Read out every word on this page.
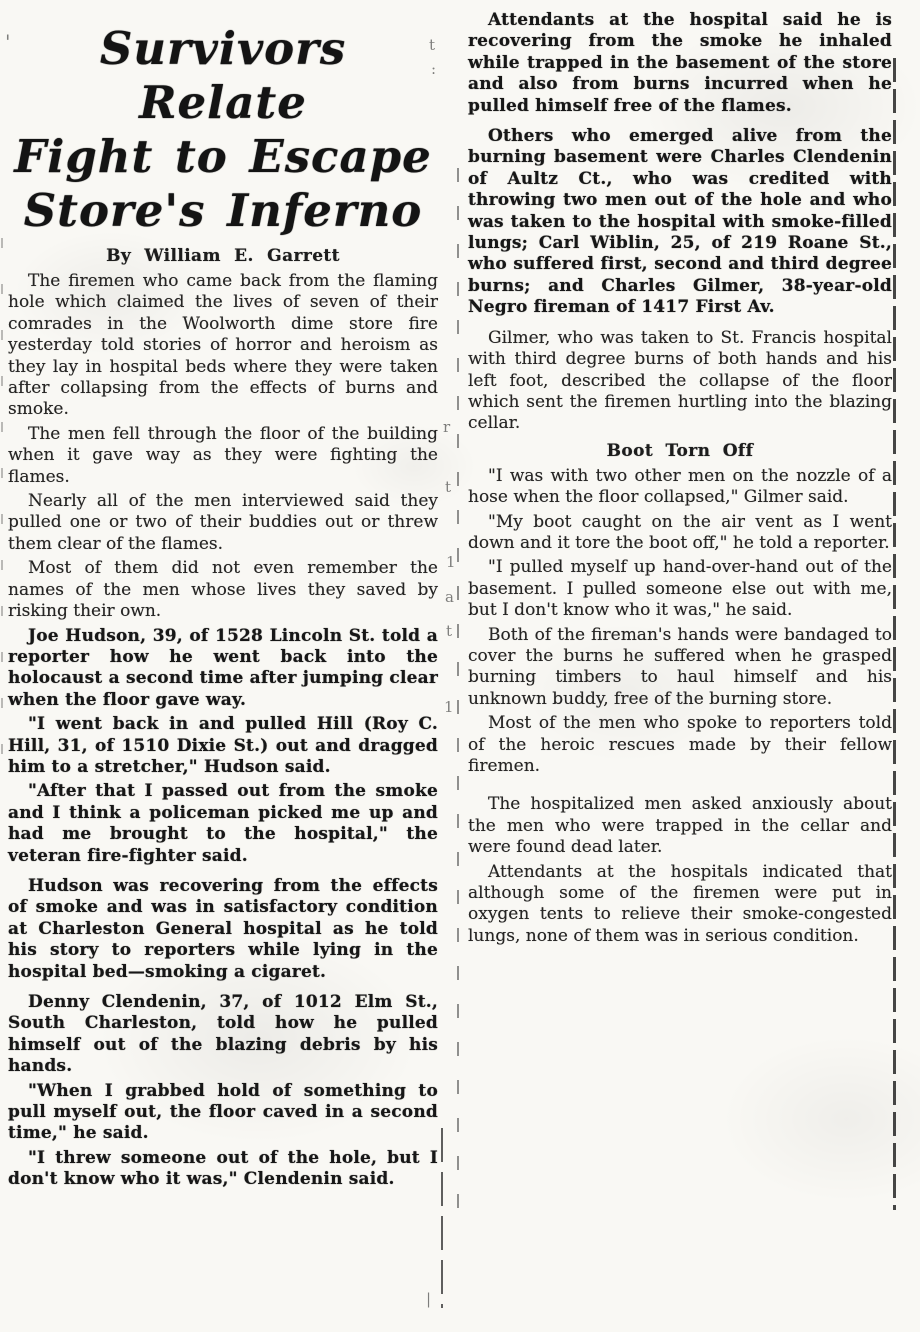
Survivors Relate
Fight to Escape
Store's Inferno
By William E. Garrett

The firemen who came back from the flaming hole which claimed the lives of seven of their comrades in the Woolworth dime store fire yesterday told stories of horror and heroism as they lay in hospital beds where they were taken after collapsing from the effects of burns and smoke.

The men fell through the floor of the building when it gave way as they were fighting the flames.

Nearly all of the men interviewed said they pulled one or two of their buddies out or threw them clear of the flames.

Most of them did not even remember the names of the men whose lives they saved by risking their own.

Joe Hudson, 39, of 1528 Lincoln St. told a reporter how he went back into the holocaust a second time after jumping clear when the floor gave way.

"I went back in and pulled Hill (Roy C. Hill, 31, of 1510 Dixie St.) out and dragged him to a stretcher," Hudson said.

"After that I passed out from the smoke and I think a policeman picked me up and had me brought to the hospital," the veteran fire-fighter said.

Hudson was recovering from the effects of smoke and was in satisfactory condition at Charleston General hospital as he told his story to reporters while lying in the hospital bed—smoking a cigaret.

Denny Clendenin, 37, of 1012 Elm St., South Charleston, told how he pulled himself out of the blazing debris by his hands.

"When I grabbed hold of something to pull myself out, the floor caved in a second time," he said.

"I threw someone out of the hole, but I don't know who it was," Clendenin said.

Attendants at the hospital said he is recovering from the smoke he inhaled while trapped in the basement of the store and also from burns incurred when he pulled himself free of the flames.

Others who emerged alive from the burning basement were Charles Clendenin of Aultz Ct., who was credited with throwing two men out of the hole and who was taken to the hospital with smoke-filled lungs; Carl Wiblin, 25, of 219 Roane St., who suffered first, second and third degree burns; and Charles Gilmer, 38-year-old Negro fireman of 1417 First Av.

Gilmer, who was taken to St. Francis hospital with third degree burns of both hands and his left foot, described the collapse of the floor which sent the firemen hurtling into the blazing cellar.

Boot Torn Off

"I was with two other men on the nozzle of a hose when the floor collapsed," Gilmer said.

"My boot caught on the air vent as I went down and it tore the boot off," he told a reporter.

"I pulled myself up hand-over-hand out of the basement. I pulled someone else out with me, but I don't know who it was," he said.

Both of the fireman's hands were bandaged to cover the burns he suffered when he grasped burning timbers to haul himself and his unknown buddy, free of the burning store.

Most of the men who spoke to reporters told of the heroic rescues made by their fellow firemen.

The hospitalized men asked anxiously about the men who were trapped in the cellar and were found dead later.

Attendants at the hospitals indicated that although some of the firemen were put in oxygen tents to relieve their smoke-congested lungs, none of them was in serious condition.

'	t
:
r
t
1
a
t
1
|
